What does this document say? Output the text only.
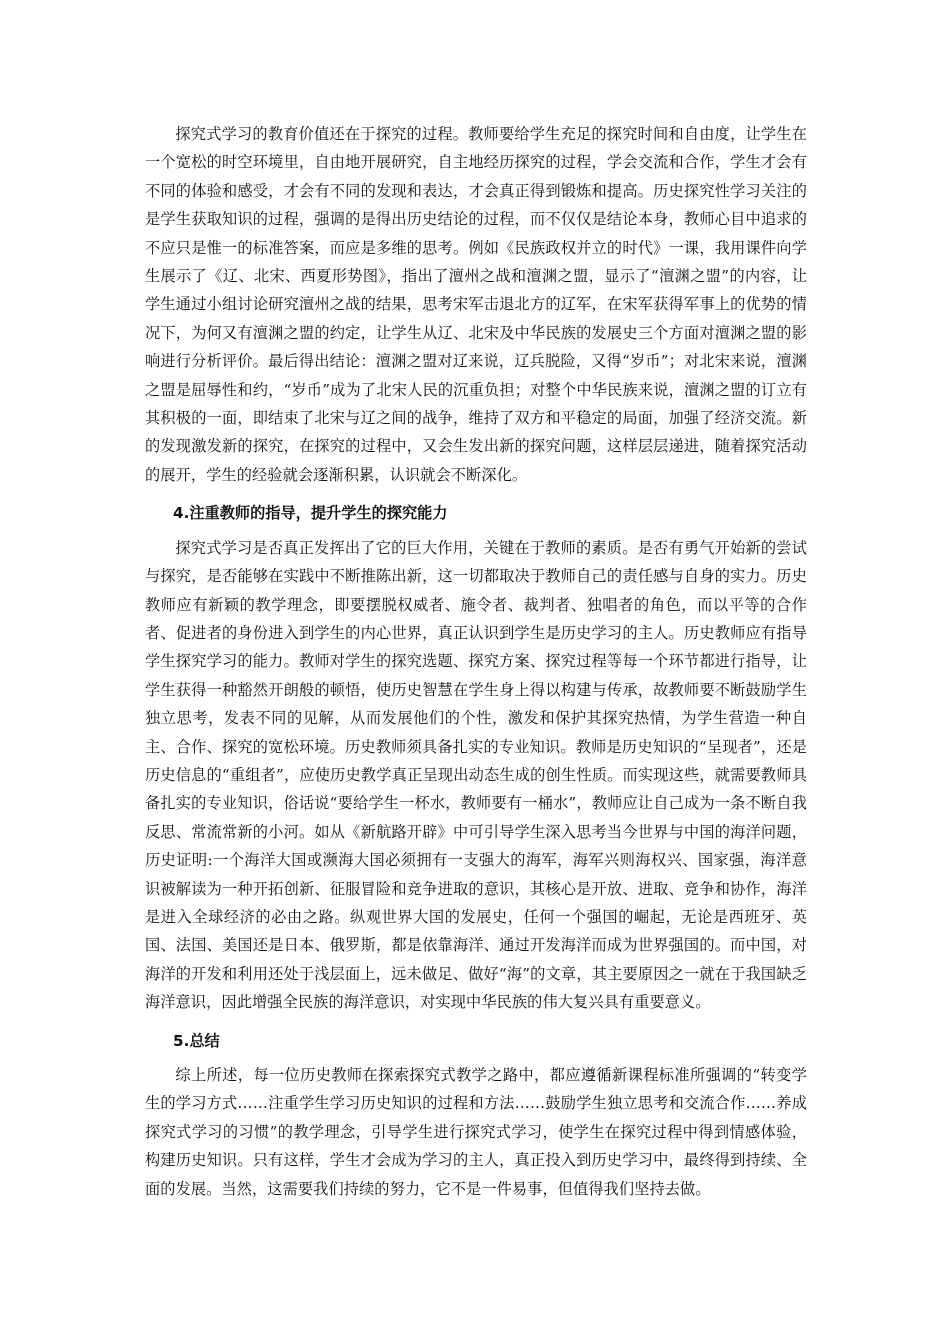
探究式学习的教育价值还在于探究的过程。教师要给学生充足的探究时间和自由度，让学生在一个宽松的时空环境里，自由地开展研究，自主地经历探究的过程，学会交流和合作，学生才会有不同的体验和感受，才会有不同的发现和表达，才会真正得到锻炼和提高。历史探究性学习关注的是学生获取知识的过程，强调的是得出历史结论的过程，而不仅仅是结论本身，教师心目中追求的不应只是惟一的标准答案，而应是多维的思考。例如《民族政权并立的时代》一课，我用课件向学生展示了《辽、北宋、西夏形势图》，指出了澶州之战和澶渊之盟，显示了“澶渊之盟”的内容，让学生通过小组讨论研究澶州之战的结果，思考宋军击退北方的辽军，在宋军获得军事上的优势的情况下，为何又有澶渊之盟的约定，让学生从辽、北宋及中华民族的发展史三个方面对澶渊之盟的影响进行分析评价。最后得出结论：澶渊之盟对辽来说，辽兵脱险，又得“岁币”；对北宋来说，澶渊之盟是屈辱性和约，“岁币”成为了北宋人民的沉重负担；对整个中华民族来说，澶渊之盟的订立有其积极的一面，即结束了北宋与辽之间的战争，维持了双方和平稳定的局面，加强了经济交流。新的发现激发新的探究，在探究的过程中，又会生发出新的探究问题，这样层层递进，随着探究活动的展开，学生的经验就会逐渐积累，认识就会不断深化。

4.注重教师的指导，提升学生的探究能力

探究式学习是否真正发挥出了它的巨大作用，关键在于教师的素质。是否有勇气开始新的尝试与探究，是否能够在实践中不断推陈出新，这一切都取决于教师自己的责任感与自身的实力。历史教师应有新颖的教学理念，即要摆脱权威者、施令者、裁判者、独唱者的角色，而以平等的合作者、促进者的身份进入到学生的内心世界，真正认识到学生是历史学习的主人。历史教师应有指导学生探究学习的能力。教师对学生的探究选题、探究方案、探究过程等每一个环节都进行指导，让学生获得一种豁然开朗般的顿悟，使历史智慧在学生身上得以构建与传承，故教师要不断鼓励学生独立思考，发表不同的见解，从而发展他们的个性，激发和保护其探究热情，为学生营造一种自主、合作、探究的宽松环境。历史教师须具备扎实的专业知识。教师是历史知识的“呈现者”，还是历史信息的“重组者”，应使历史教学真正呈现出动态生成的创生性质。而实现这些，就需要教师具备扎实的专业知识，俗话说“要给学生一杯水，教师要有一桶水”，教师应让自己成为一条不断自我反思、常流常新的小河。如从《新航路开辟》中可引导学生深入思考当今世界与中国的海洋问题，历史证明:一个海洋大国或濒海大国必须拥有一支强大的海军，海军兴则海权兴、国家强，海洋意识被解读为一种开拓创新、征服冒险和竞争进取的意识，其核心是开放、进取、竞争和协作，海洋是进入全球经济的必由之路。纵观世界大国的发展史，任何一个强国的崛起，无论是西班牙、英国、法国、美国还是日本、俄罗斯，都是依靠海洋、通过开发海洋而成为世界强国的。而中国，对海洋的开发和利用还处于浅层面上，远未做足、做好“海”的文章，其主要原因之一就在于我国缺乏海洋意识，因此增强全民族的海洋意识，对实现中华民族的伟大复兴具有重要意义。

5.总结

综上所述，每一位历史教师在探索探究式教学之路中，都应遵循新课程标准所强调的“转变学生的学习方式……注重学生学习历史知识的过程和方法……鼓励学生独立思考和交流合作……养成探究式学习的习惯”的教学理念，引导学生进行探究式学习，使学生在探究过程中得到情感体验，构建历史知识。只有这样，学生才会成为学习的主人，真正投入到历史学习中，最终得到持续、全面的发展。当然，这需要我们持续的努力，它不是一件易事，但值得我们坚持去做。
